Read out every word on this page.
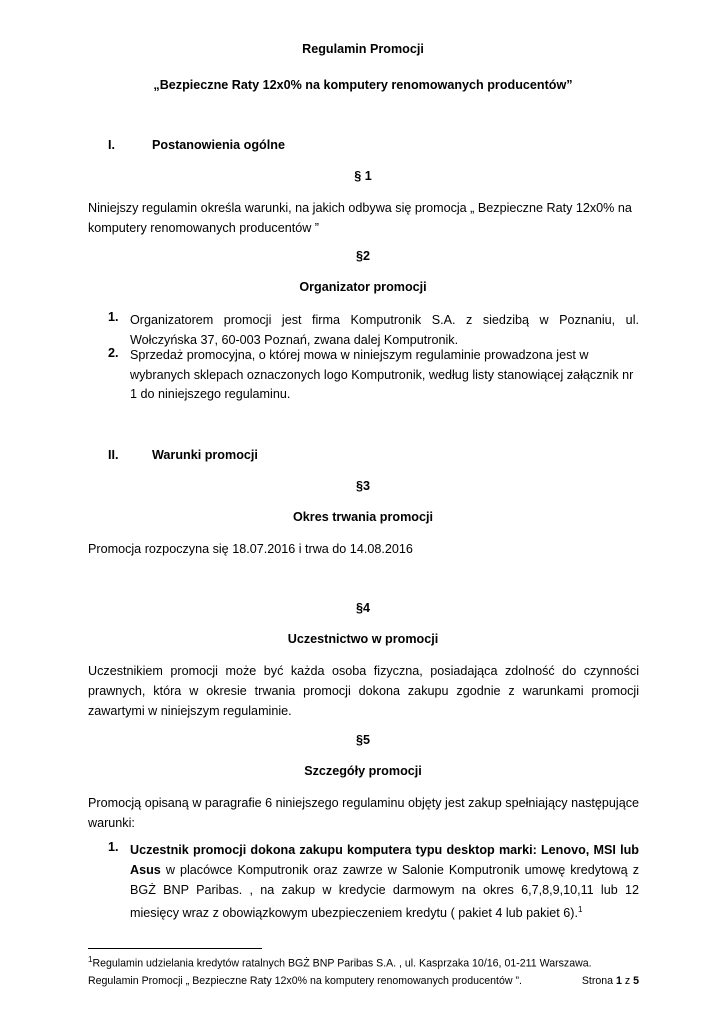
Regulamin Promocji
„Bezpieczne Raty 12x0% na komputery renomowanych producentów”
I.	Postanowienia ogólne
§ 1
Niniejszy regulamin określa warunki, na jakich odbywa się promocja „ Bezpieczne Raty 12x0% na komputery renomowanych producentów ”
§2
Organizator promocji
1. Organizatorem promocji jest firma Komputronik S.A. z siedzibą w Poznaniu, ul. Wołczyńska 37, 60-003 Poznań, zwana dalej Komputronik.
2. Sprzedaż promocyjna, o której mowa w niniejszym regulaminie prowadzona jest w wybranych sklepach oznaczonych logo Komputronik, według listy stanowiącej załącznik nr 1 do niniejszego regulaminu.
II.	Warunki promocji
§3
Okres trwania promocji
Promocja rozpoczyna się 18.07.2016 i trwa do 14.08.2016
§4
Uczestnictwo w promocji
Uczestnikiem promocji może być każda osoba fizyczna, posiadająca zdolność do czynności prawnych, która w okresie trwania promocji dokona zakupu zgodnie z warunkami promocji zawartymi w niniejszym regulaminie.
§5
Szczegóły promocji
Promocją opisaną w paragrafie 6 niniejszego regulaminu objęty jest zakup spełniający następujące warunki:
1. Uczestnik promocji dokona zakupu komputera typu desktop marki: Lenovo, MSI lub Asus w placówce Komputronik oraz zawrze w Salonie Komputronik umowę kredytową z BGŻ BNP Paribas. , na zakup w kredycie darmowym na okres 6,7,8,9,10,11 lub 12 miesięcy wraz z obowiązkowym ubezpieczeniem kredytu ( pakiet 4 lub pakiet 6).$^1$
$^1$Regulamin udzielania kredytów ratalnych BGŻ BNP Paribas S.A. , ul. Kasprzaka 10/16, 01-211 Warszawa.
Regulamin Promocji „ Bezpieczne Raty 12x0% na komputery renomowanych producentów ”.	Strona 1 z 5
